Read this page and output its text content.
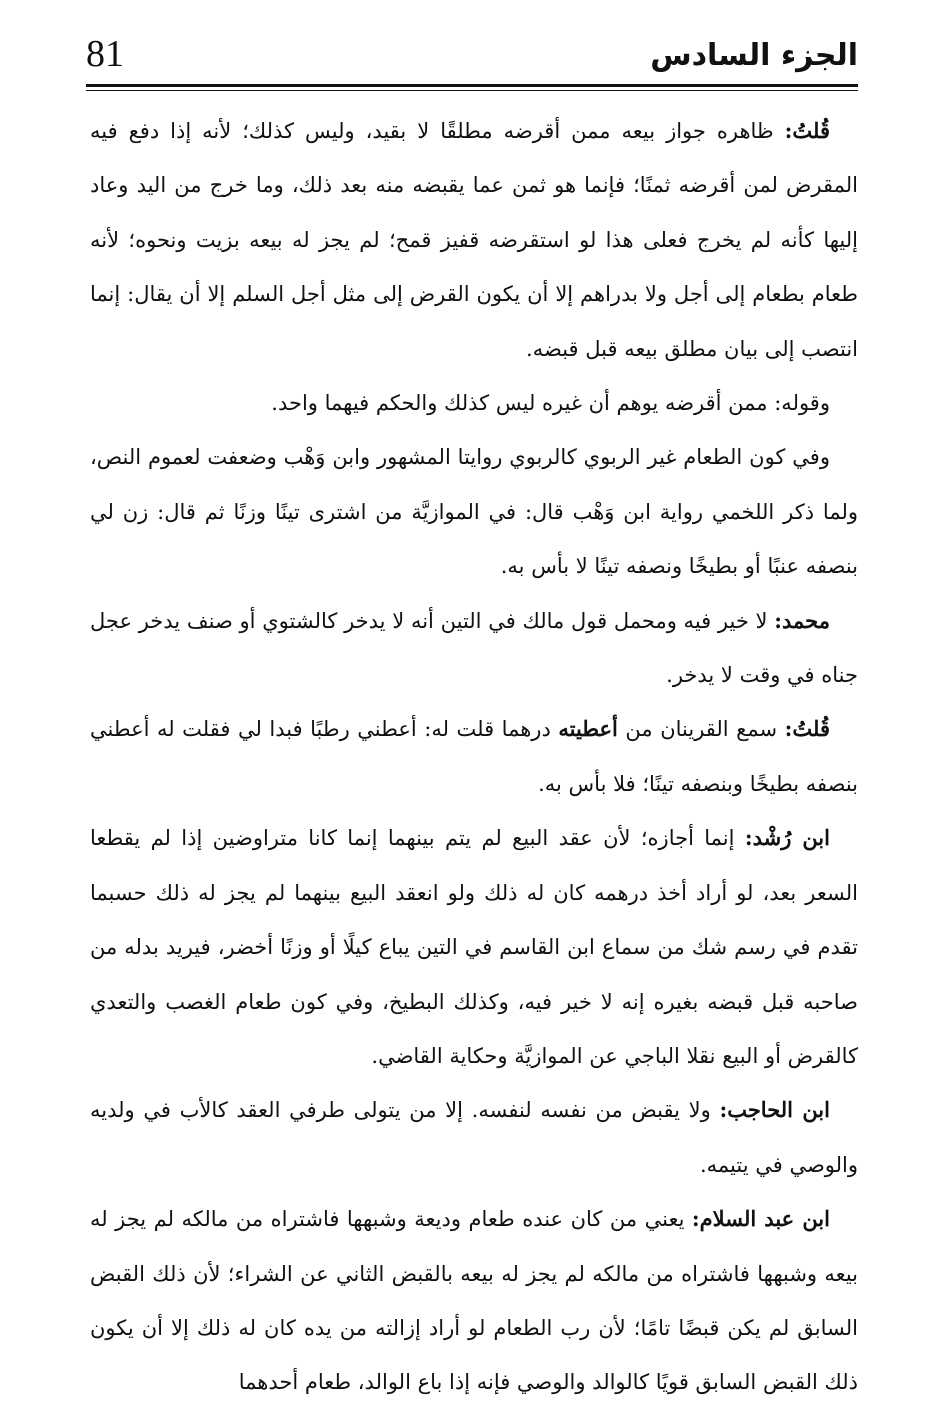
81	الجزء السادس

قُلتُ: ظاهره جواز بيعه ممن أقرضه مطلقًا لا بقيد، وليس كذلك؛ لأنه إذا دفع فيه المقرض لمن أقرضه ثمنًا؛ فإنما هو ثمن عما يقبضه منه بعد ذلك، وما خرج من اليد وعاد إليها كأنه لم يخرج فعلى هذا لو استقرضه قفيز قمح؛ لم يجز له بيعه بزيت ونحوه؛ لأنه طعام بطعام إلى أجل ولا بدراهم إلا أن يكون القرض إلى مثل أجل السلم إلا أن يقال: إنما انتصب إلى بيان مطلق بيعه قبل قبضه.

وقوله: ممن أقرضه يوهم أن غيره ليس كذلك والحكم فيهما واحد.

وفي كون الطعام غير الربوي كالربوي روايتا المشهور وابن وَهْب وضعفت لعموم النص، ولما ذكر اللخمي رواية ابن وَهْب قال: في الموازيَّة من اشترى تينًا وزنًا ثم قال: زن لي بنصفه عنبًا أو بطيخًا ونصفه تينًا لا بأس به.

محمد: لا خير فيه ومحمل قول مالك في التين أنه لا يدخر كالشتوي أو صنف يدخر عجل جناه في وقت لا يدخر.

قُلتُ: سمع القرينان من أعطيته درهما قلت له: أعطني رطبًا فبدا لي فقلت له أعطني بنصفه بطيخًا وبنصفه تينًا؛ فلا بأس به.

ابن رُشْد: إنما أجازه؛ لأن عقد البيع لم يتم بينهما إنما كانا متراوضين إذا لم يقطعا السعر بعد، لو أراد أخذ درهمه كان له ذلك ولو انعقد البيع بينهما لم يجز له ذلك حسبما تقدم في رسم شك من سماع ابن القاسم في التين يباع كيلًا أو وزنًا أخضر، فيريد بدله من صاحبه قبل قبضه بغيره إنه لا خير فيه، وكذلك البطيخ، وفي كون طعام الغصب والتعدي كالقرض أو البيع نقلا الباجي عن الموازيَّة وحكاية القاضي.

ابن الحاجب: ولا يقبض من نفسه لنفسه. إلا من يتولى طرفي العقد كالأب في ولديه والوصي في يتيمه.

ابن عبد السلام: يعني من كان عنده طعام وديعة وشبهها فاشتراه من مالكه لم يجز له بيعه وشبهها فاشتراه من مالكه لم يجز له بيعه بالقبض الثاني عن الشراء؛ لأن ذلك القبض السابق لم يكن قبضًا تامًا؛ لأن رب الطعام لو أراد إزالته من يده كان له ذلك إلا أن يكون ذلك القبض السابق قويًا كالوالد والوصي فإنه إذا باع الوالد، طعام أحدهما
